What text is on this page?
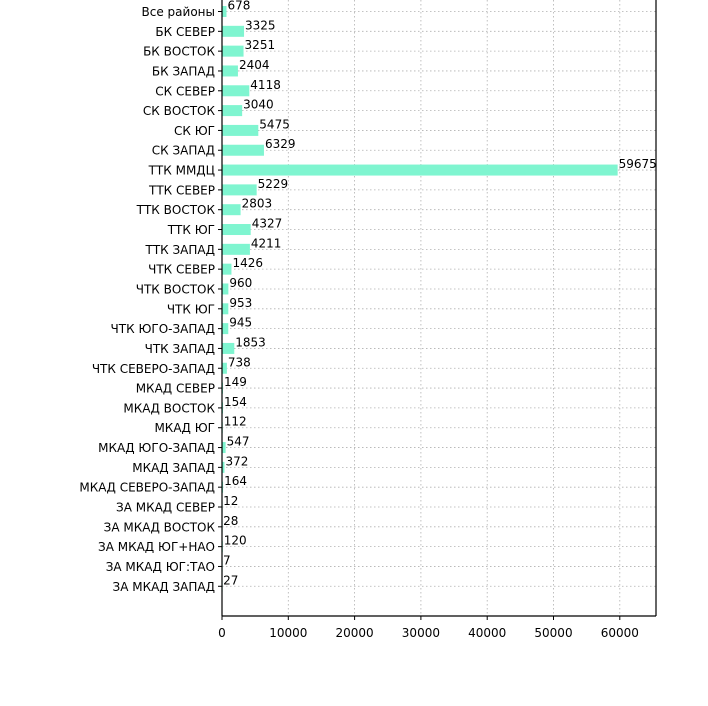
Все районы 678
БК СЕВЕР	3325
БК ВОСТОК 3251
БК ЗАПАД 2404
СК СЕВЕР	4118
СК ВОСТОК 3040
СК ЮГ	5475
СК ЗАПАД	6329
ТТК ММДЦ	59675
ТТК СЕВЕР	5229
ТТК ВОСТОК 2803
ТТК ЮГ	4327
ТТК ЗАПАД	4211
ЧТК СЕВЕР 1426
ЧТК ВОСТОК 960
ЧТК ЮГ 953
ЧТК ЮГО-ЗАПАД 945
ЧТК ЗАПАД 1853
ЧТК СЕВЕРО-ЗАПАД 738
МКАД СЕВЕР 149
МКАД ВОСТОК 154
МКАД ЮГ 112
МКАД ЮГО-ЗАПАД 547
МКАД ЗАПАД 372
МКАД СЕВЕРО-ЗАПАД 164
ЗА МКАД СЕВЕР 12
ЗА МКАД ВОСТОК 28
ЗА МКАД ЮГ+НАО 120
ЗА МКАД ЮГ:ТАО 7
ЗА МКАД ЗАПАД 27
0	10000 20000 30000 40000 50000 60000
